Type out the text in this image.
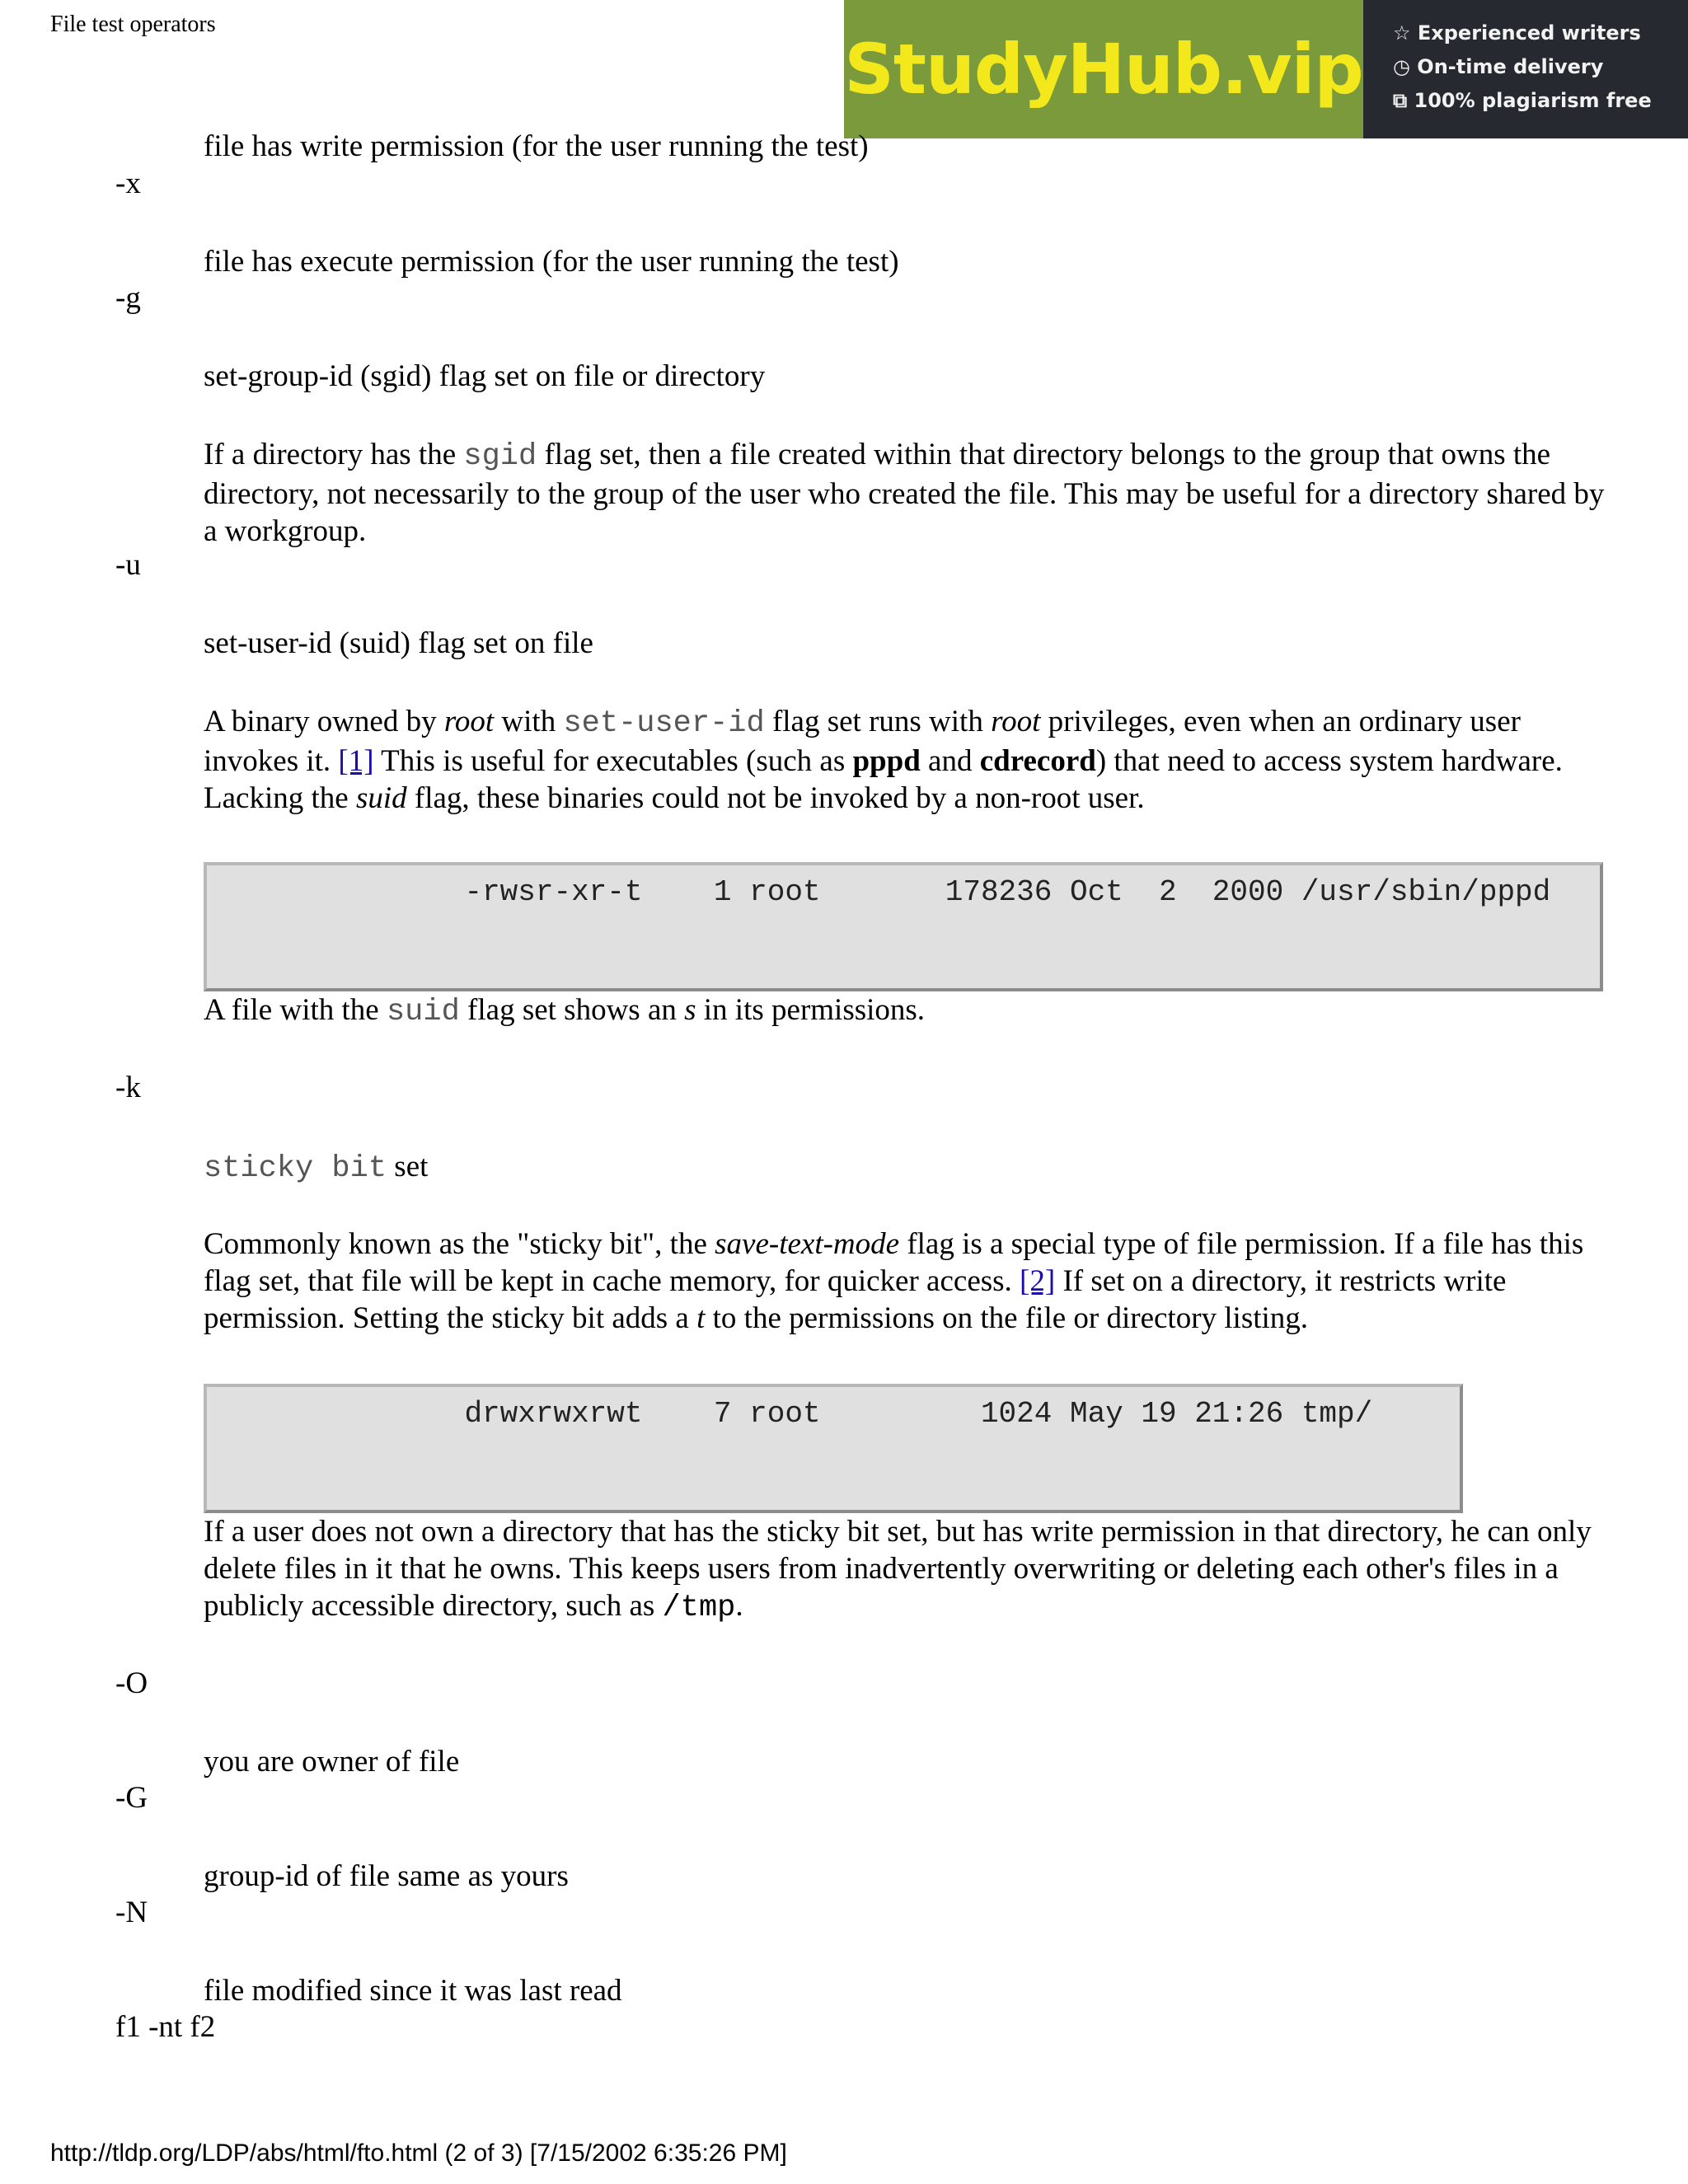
File test operators
StudyHub.vip ☆ Experienced writers
◷ On-time delivery
⧉ 100% plagiarism free
file has write permission (for the user running the test)
-x
file has execute permission (for the user running the test)
-g
set-group-id (sgid) flag set on file or directory
If a directory has the sgid flag set, then a file created within that directory belongs to the group that owns the directory, not necessarily to the group of the user who created the file. This may be useful for a directory shared by a workgroup.
-u
set-user-id (suid) flag set on file
A binary owned by root with set-user-id flag set runs with root privileges, even when an ordinary user invokes it. [1] This is useful for executables (such as pppd and cdrecord) that need to access system hardware. Lacking the suid flag, these binaries could not be invoked by a non-root user.
-rwsr-xr-t    1 root       178236 Oct  2  2000 /usr/sbin/pppd
A file with the suid flag set shows an s in its permissions.
-k
sticky bit set
Commonly known as the "sticky bit", the save-text-mode flag is a special type of file permission. If a file has this flag set, that file will be kept in cache memory, for quicker access. [2] If set on a directory, it restricts write permission. Setting the sticky bit adds a t to the permissions on the file or directory listing.
drwxrwxrwt    7 root         1024 May 19 21:26 tmp/
If a user does not own a directory that has the sticky bit set, but has write permission in that directory, he can only delete files in it that he owns. This keeps users from inadvertently overwriting or deleting each other's files in a publicly accessible directory, such as /tmp.
-O
you are owner of file
-G
group-id of file same as yours
-N
file modified since it was last read
f1 -nt f2
http://tldp.org/LDP/abs/html/fto.html (2 of 3) [7/15/2002 6:35:26 PM]
